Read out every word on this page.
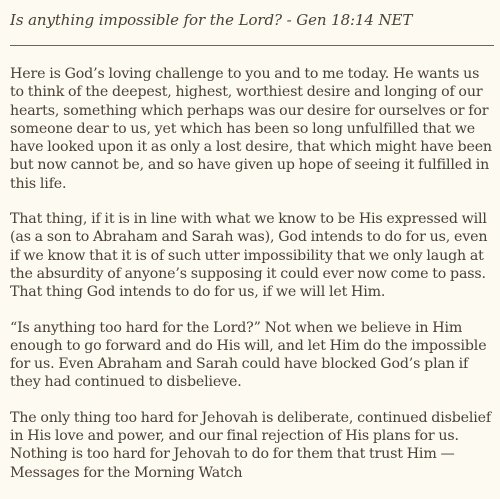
Is anything impossible for the Lord? - Gen 18:14 NET

Here is God’s loving challenge to you and to me today. He wants us to think of the deepest, highest, worthiest desire and longing of our hearts, something which perhaps was our desire for ourselves or for someone dear to us, yet which has been so long unfulfilled that we have looked upon it as only a lost desire, that which might have been but now cannot be, and so have given up hope of seeing it fulfilled in this life.

That thing, if it is in line with what we know to be His expressed will (as a son to Abraham and Sarah was), God intends to do for us, even if we know that it is of such utter impossibility that we only laugh at the absurdity of anyone’s supposing it could ever now come to pass. That thing God intends to do for us, if we will let Him.

“Is anything too hard for the Lord?” Not when we believe in Him enough to go forward and do His will, and let Him do the impossible for us. Even Abraham and Sarah could have blocked God’s plan if they had continued to disbelieve.

The only thing too hard for Jehovah is deliberate, continued disbelief in His love and power, and our final rejection of His plans for us. Nothing is too hard for Jehovah to do for them that trust Him —Messages for the Morning Watch
